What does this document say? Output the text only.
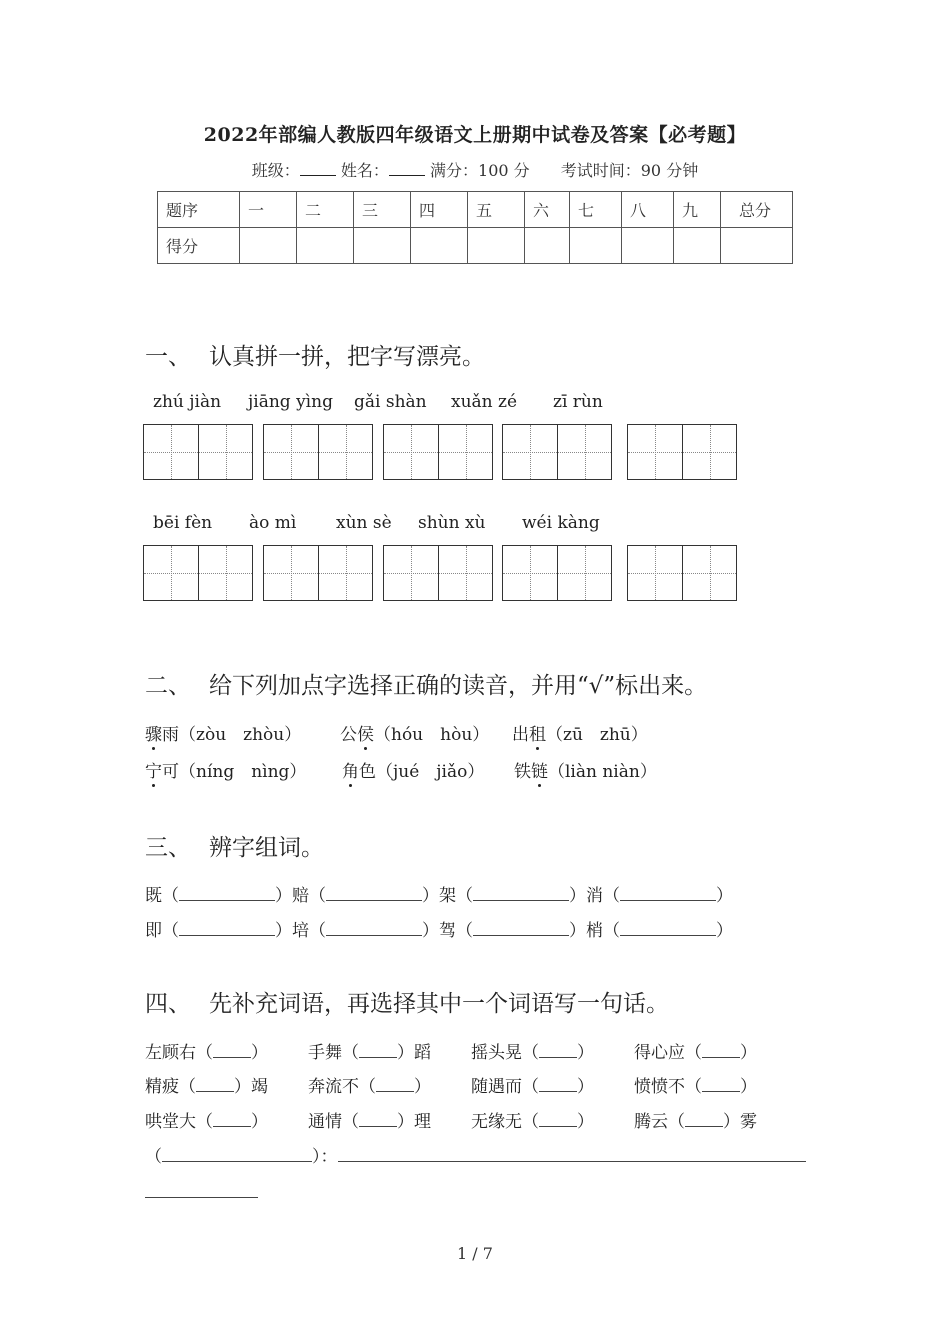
2022年部编人教版四年级语文上册期中试卷及答案【必考题】
班级：	姓名：	满分：100 分 考试时间：90 分钟
题序	一	二	三	四	五	六	七	八	九	总分
得分										
一、 认真拼一拼，把字写漂亮。
zhú jiàn jiāng yìng gǎi shàn xuǎn zé zī rùn
bēi fèn ào mì xùn sè shùn xù wéi kàng
二、 给下列加点字选择正确的读音，并用“√”标出来。
骤雨（zòu　zhòu） 公侯（hóu　hòu） 出租（zū　zhū）
宁可（níng　nìng） 角色（jué　jiǎo） 铁链（liàn niàn）
三、 辨字组词。
既（	）赔（	）架（	）消（	）
即（	）培（	）驾（	）梢（	）
四、 先补充词语，再选择其中一个词语写一句话。
左顾右（ ） 手舞（ ）蹈 摇头晃（ ） 得心应（ ）
精疲（ ）竭 奔流不（ ） 随遇而（ ） 愤愤不（ ）
哄堂大（ ） 通情（ ）理 无缘无（ ） 腾云（ ）雾
（	）：
1 / 7
